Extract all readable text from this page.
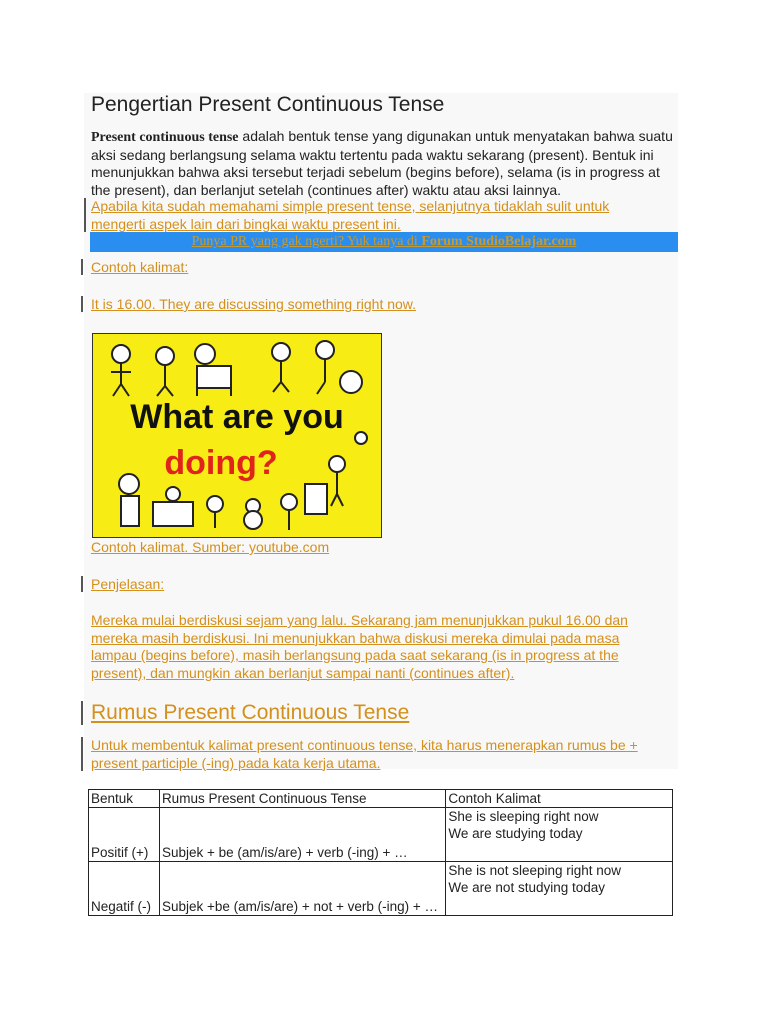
Pengertian Present Continuous Tense
Present continuous tense adalah bentuk tense yang digunakan untuk menyatakan bahwa suatu aksi sedang berlangsung selama waktu tertentu pada waktu sekarang (present). Bentuk ini menunjukkan bahwa aksi tersebut terjadi sebelum (begins before), selama (is in progress at the present), dan berlanjut setelah (continues after) waktu atau aksi lainnya.
Apabila kita sudah memahami simple present tense, selanjutnya tidaklah sulit untuk mengerti aspek lain dari bingkai waktu present ini.
Punya PR yang gak ngerti? Yuk tanya di Forum StudioBelajar.com
Contoh kalimat:
It is 16.00. They are discussing something right now.
What are you
doing?
Contoh kalimat. Sumber: youtube.com
Penjelasan:
Mereka mulai berdiskusi sejam yang lalu. Sekarang jam menunjukkan pukul 16.00 dan mereka masih berdiskusi. Ini menunjukkan bahwa diskusi mereka dimulai pada masa lampau (begins before), masih berlangsung pada saat sekarang (is in progress at the present), dan mungkin akan berlanjut sampai nanti (continues after).
Rumus Present Continuous Tense
Untuk membentuk kalimat present continuous tense, kita harus menerapkan rumus be + present participle (-ing) pada kata kerja utama.
Bentuk	Rumus Present Continuous Tense	Contoh Kalimat
Positif (+)	Subjek + be (am/is/are) + verb (-ing) + …	She is sleeping right now
We are studying today

Negatif (-)	Subjek +be (am/is/are) + not + verb (-ing) + …	She is not sleeping right now
We are not studying today
